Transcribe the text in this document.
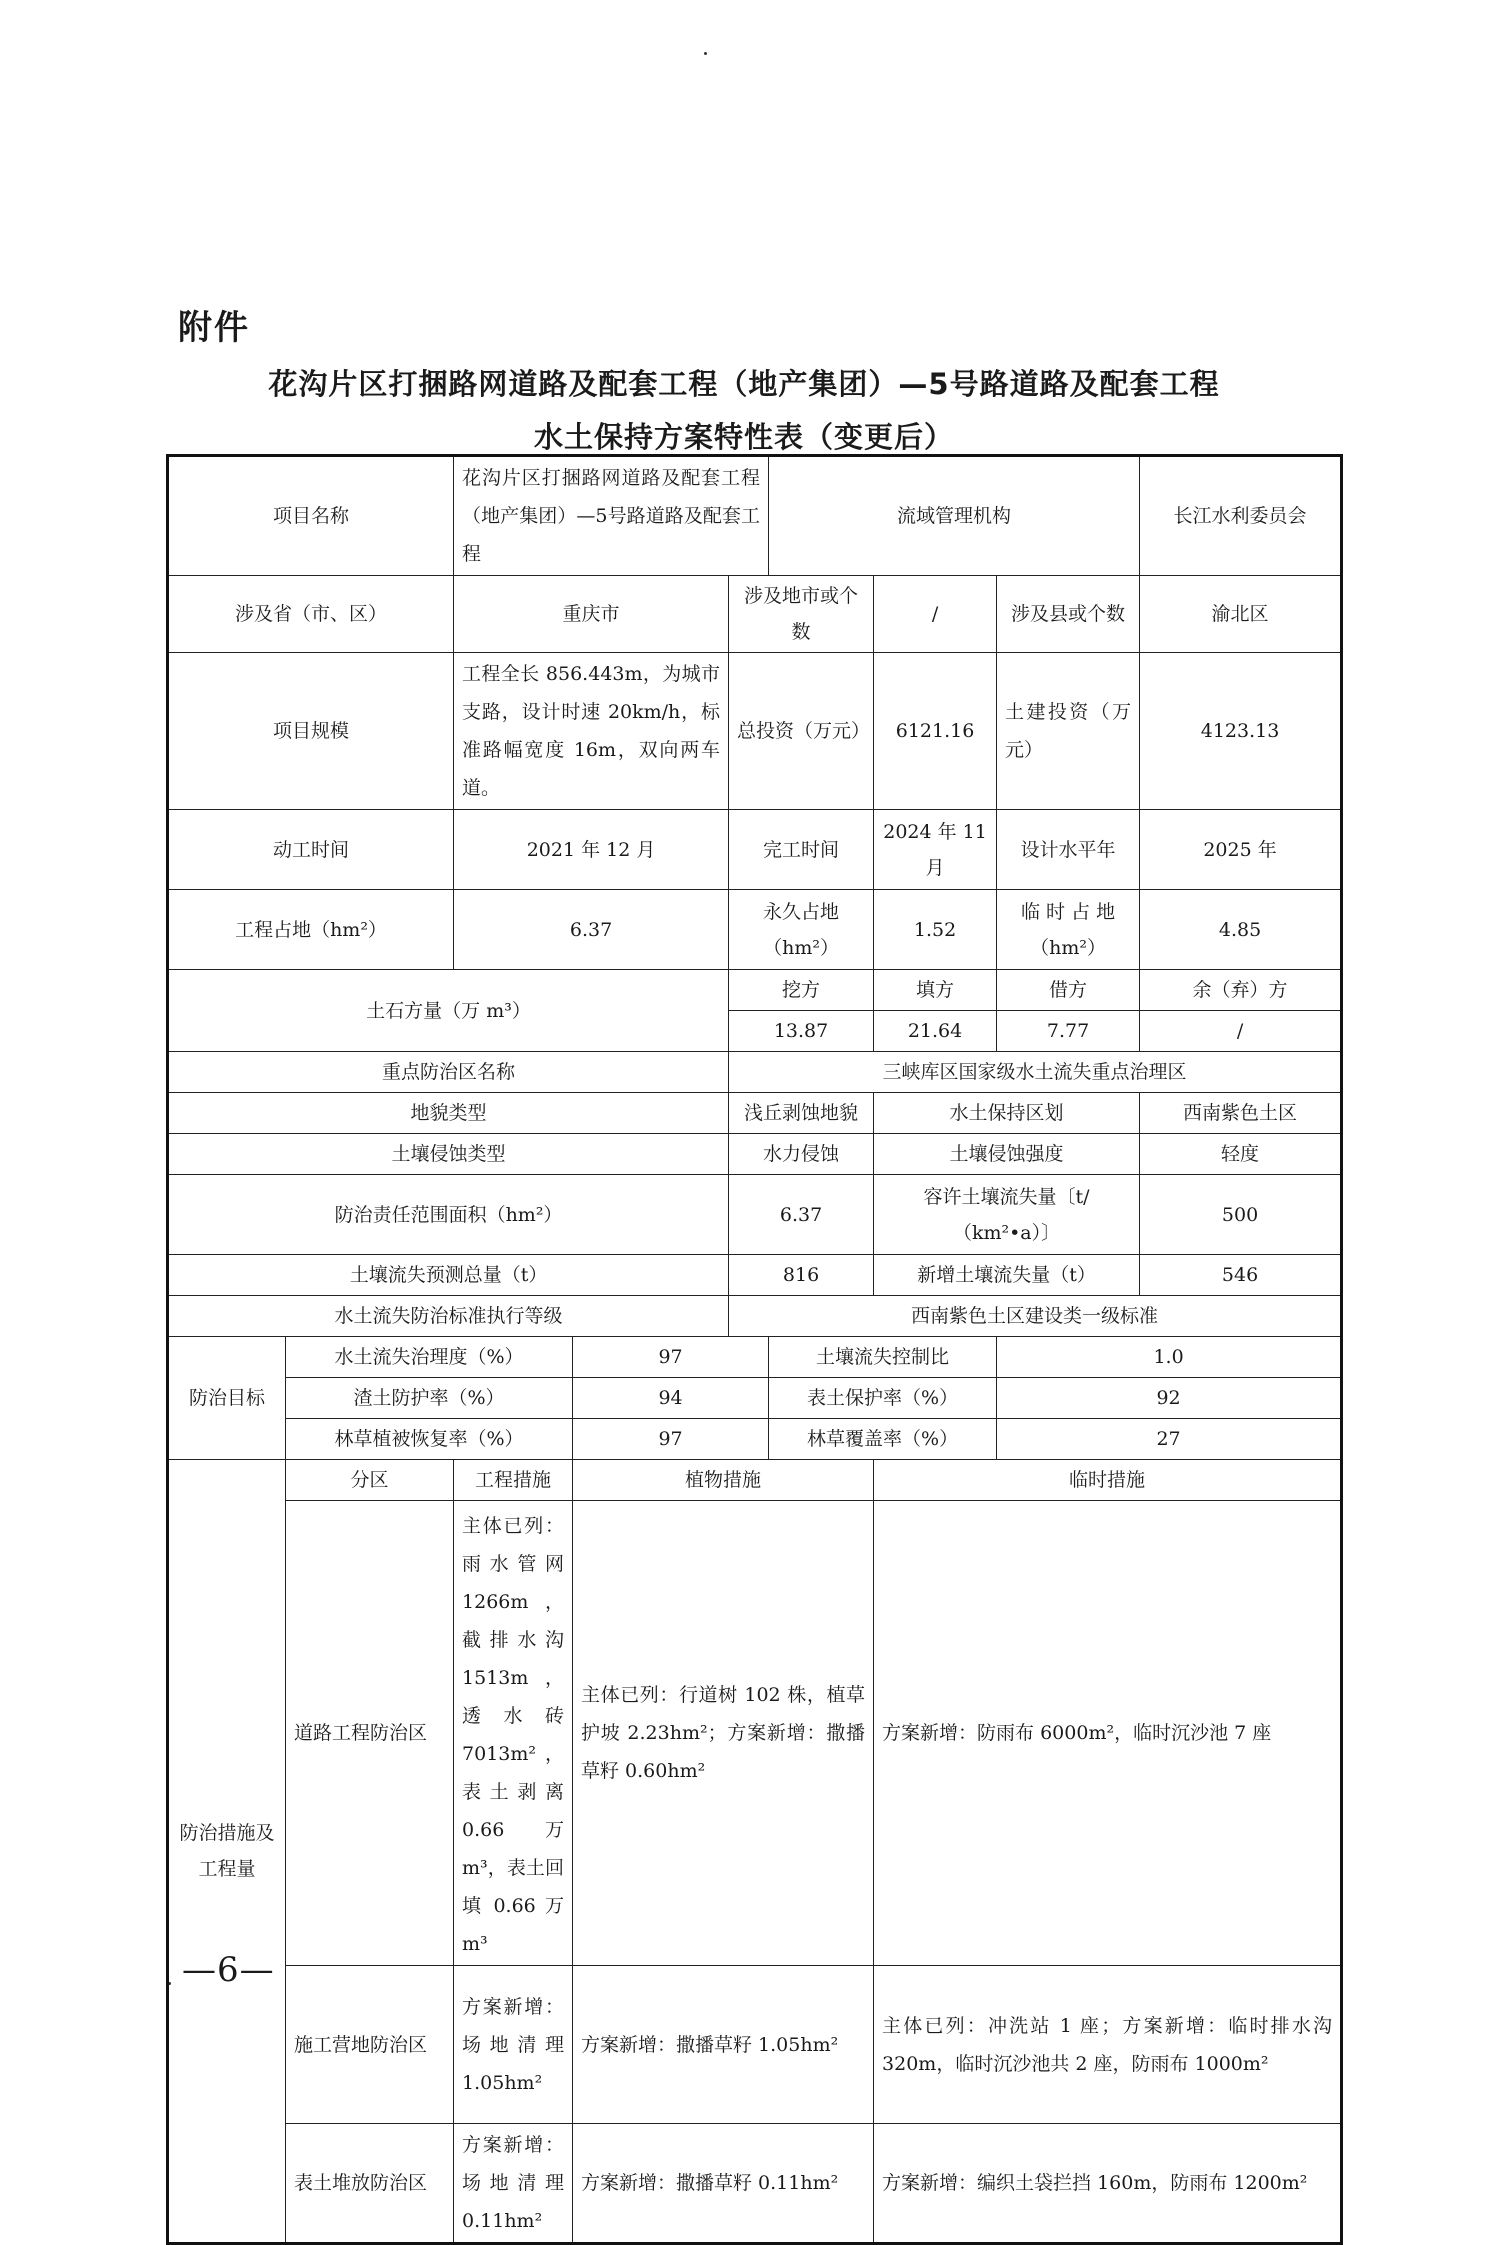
附件
花沟片区打捆路网道路及配套工程（地产集团）—5号路道路及配套工程
水土保持方案特性表（变更后）
项目名称		花沟片区打捆路网道路及配套工程（地产集团）—5号路道路及配套工程			流域管理机构			长江水利委员会
涉及省（市、区）		重庆市		涉及地市或个数		/	涉及县或个数	渝北区
项目规模		工程全长 856.443m，为城市支路，设计时速 20km/h，标准路幅宽度 16m，双向两车道。		总投资（万元）		6121.16	土建投资（万元）	4123.13
动工时间		2021 年 12 月		完工时间		2024 年 11 月	设计水平年	2025 年
工程占地（hm²）		6.37		永久占地（hm²）		1.52	临 时 占 地（hm²）	4.85
土石方量（万 m³）				挖方		填方	借方	余（弃）方
				13.87		21.64	7.77	/
重点防治区名称				三峡库区国家级水土流失重点治理区				
地貌类型				浅丘剥蚀地貌		水土保持区划		西南紫色土区
土壤侵蚀类型				水力侵蚀		土壤侵蚀强度		轻度
防治责任范围面积（hm²）				6.37		容许土壤流失量〔t/（km²•a）〕		500
土壤流失预测总量（t）				816		新增土壤流失量（t）		546
水土流失防治标准执行等级				西南紫色土区建设类一级标准				
防治目标	水土流失治理度（%）		97		土壤流失控制比		1.0	
	渣土防护率（%）		94		表土保护率（%）		92	
	林草植被恢复率（%）		97		林草覆盖率（%）		27	
防治措施及工程量	分区	工程措施	植物措施			临时措施		
	道路工程防治区	主体已列：雨水管网 1266m，截排水沟 1513m，透水砖 7013m²，表土剥离 0.66 万 m³，表土回填 0.66 万 m³	主体已列：行道树 102 株，植草护坡 2.23hm²；方案新增：撒播草籽 0.60hm²			方案新增：防雨布 6000m²，临时沉沙池 7 座		
	施工营地防治区	方案新增：场地清理 1.05hm²	方案新增：撒播草籽 1.05hm²			主体已列：冲洗站 1 座；方案新增：临时排水沟 320m，临时沉沙池共 2 座，防雨布 1000m²		
	表土堆放防治区	方案新增：场地清理 0.11hm²	方案新增：撒播草籽 0.11hm²			方案新增：编织土袋拦挡 160m，防雨布 1200m²		
—6—
